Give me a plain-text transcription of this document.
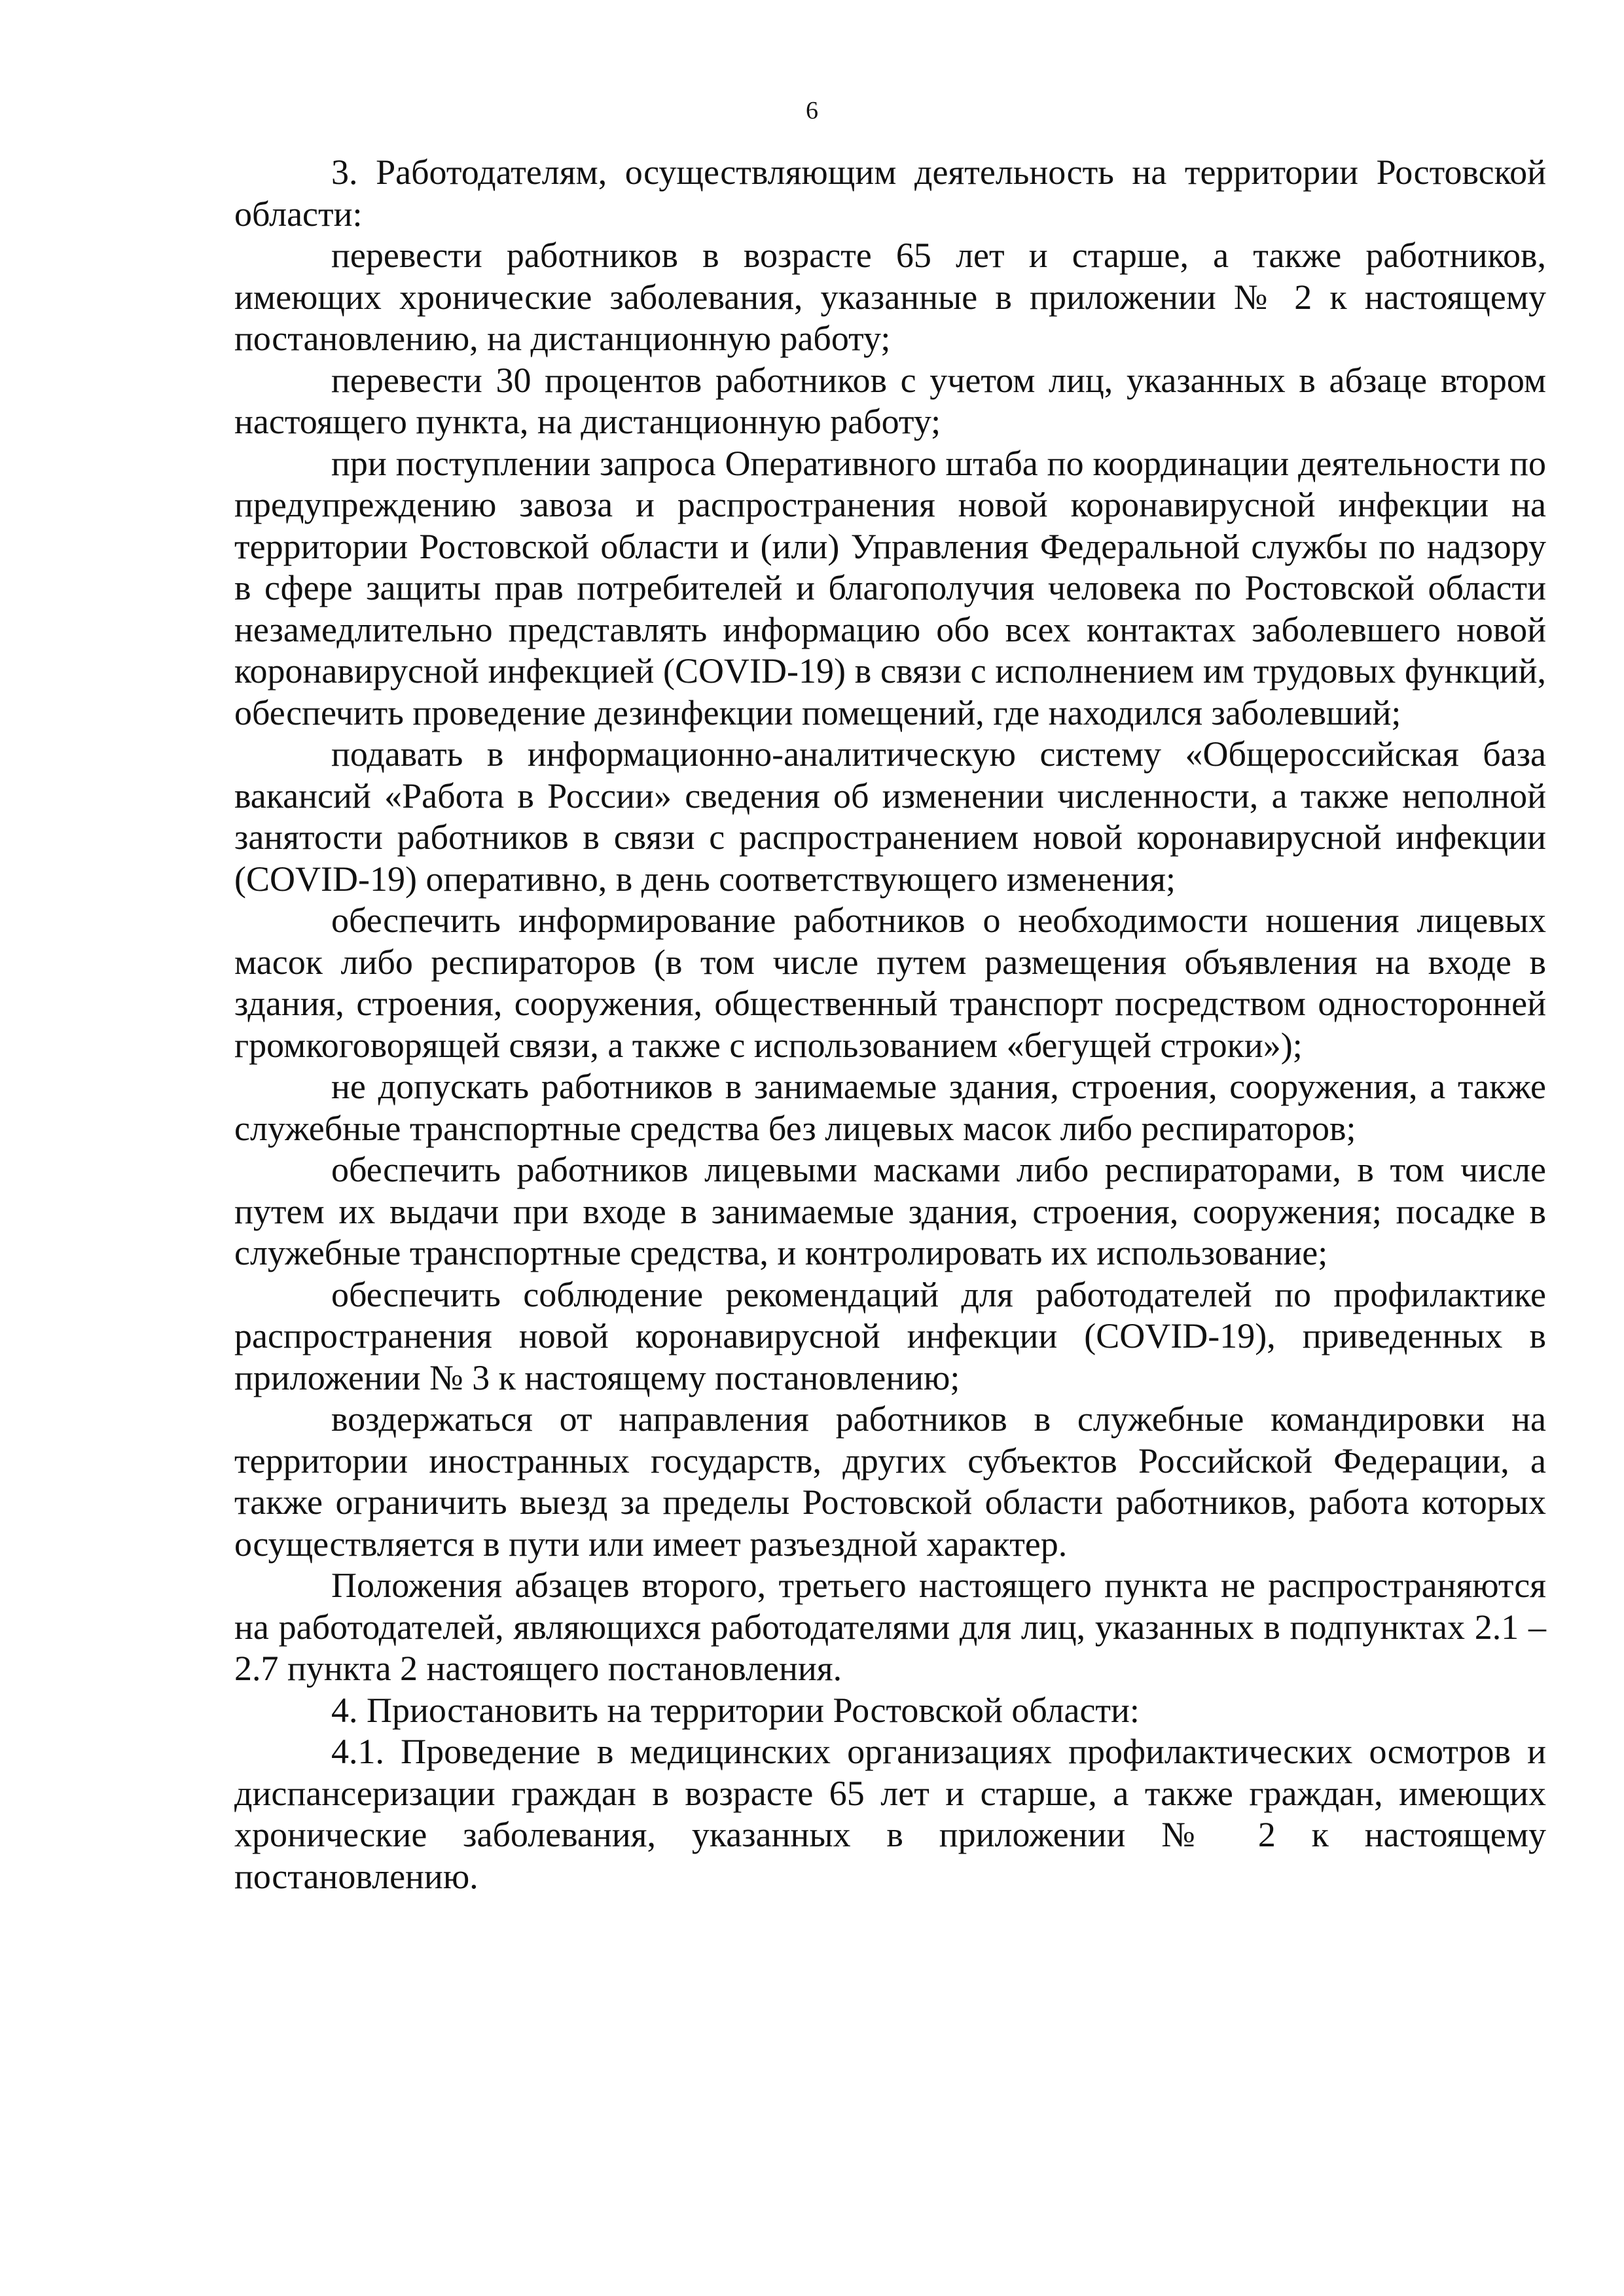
6

3. Работодателям, осуществляющим деятельность на территории Ростовской области:

перевести работников в возрасте 65 лет и старше, а также работников, имеющих хронические заболевания, указанные в приложении № 2 к настоящему постановлению, на дистанционную работу;

перевести 30 процентов работников с учетом лиц, указанных в абзаце втором настоящего пункта, на дистанционную работу;

при поступлении запроса Оперативного штаба по координации деятельности по предупреждению завоза и распространения новой коронавирусной инфекции на территории Ростовской области и (или) Управления Федеральной службы по надзору в сфере защиты прав потребителей и благополучия человека по Ростовской области незамедлительно представлять информацию обо всех контактах заболевшего новой коронавирусной инфекцией (COVID-19) в связи с исполнением им трудовых функций, обеспечить проведение дезинфекции помещений, где находился заболевший;

подавать в информационно-аналитическую систему «Общероссийская база вакансий «Работа в России» сведения об изменении численности, а также неполной занятости работников в связи с распространением новой коронавирусной инфекции (COVID-19) оперативно, в день соответствующего изменения;

обеспечить информирование работников о необходимости ношения лицевых масок либо респираторов (в том числе путем размещения объявления на входе в здания, строения, сооружения, общественный транспорт посредством односторонней громкоговорящей связи, а также с использованием «бегущей строки»);

не допускать работников в занимаемые здания, строения, сооружения, а также служебные транспортные средства без лицевых масок либо респираторов;

обеспечить работников лицевыми масками либо респираторами, в том числе путем их выдачи при входе в занимаемые здания, строения, сооружения; посадке в служебные транспортные средства, и контролировать их использование;

обеспечить соблюдение рекомендаций для работодателей по профилактике распространения новой коронавирусной инфекции (COVID-19), приведенных в приложении № 3 к настоящему постановлению;

воздержаться от направления работников в служебные командировки на территории иностранных государств, других субъектов Российской Федерации, а также ограничить выезд за пределы Ростовской области работников, работа которых осуществляется в пути или имеет разъездной характер.

Положения абзацев второго, третьего настоящего пункта не распространяются на работодателей, являющихся работодателями для лиц, указанных в подпунктах 2.1 – 2.7 пункта 2 настоящего постановления.

4. Приостановить на территории Ростовской области:

4.1. Проведение в медицинских организациях профилактических осмотров и диспансеризации граждан в возрасте 65 лет и старше, а также граждан, имеющих хронические заболевания, указанных в приложении № 2 к настоящему постановлению.
